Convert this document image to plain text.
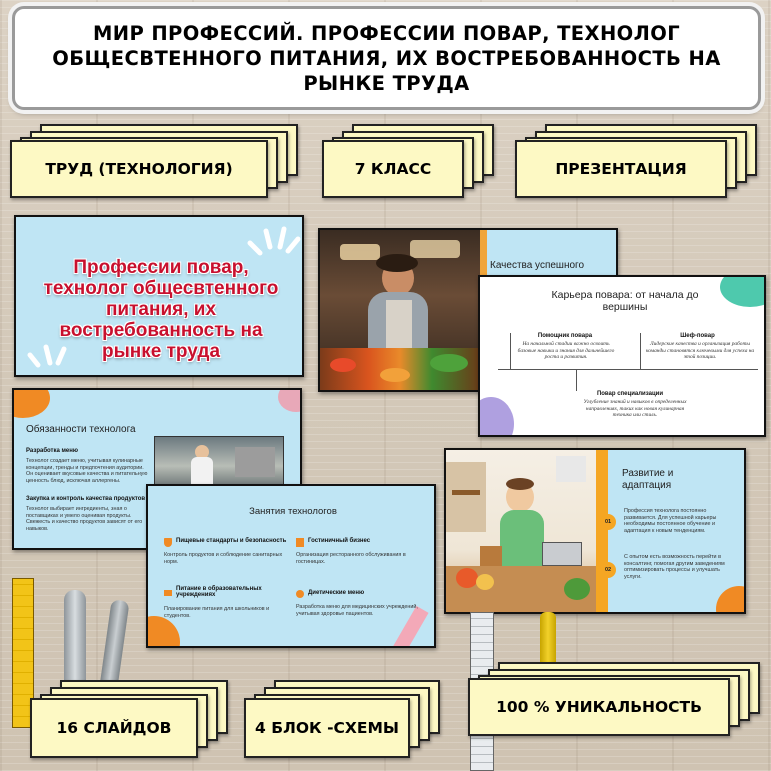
МИР ПРОФЕССИЙ. ПРОФЕССИИ ПОВАР, ТЕХНОЛОГ ОБЩЕСВТЕННОГО ПИТАНИЯ, ИХ ВОСТРЕБОВАННОСТЬ НА РЫНКЕ ТРУДА
ТРУД (ТЕХНОЛОГИЯ)	7 КЛАСС	ПРЕЗЕНТАЦИЯ
Профессии повар, технолог общесвтенного питания, их востребованность на рынке труда
Качества успешного
Карьера повара: от начала до вершины
Помощник повара
На начальной стадии важно освоить базовые навыки и знания для дальнейшего роста и развития.
Шеф-повар
Лидерские качества и организация работы команды становятся ключевыми для успеха на этой позиции.
Повар специализации
Углубление знаний и навыков в определенных направлениях, таких как новая кулинарная техника или стиль.
Обязанности технолога
Разработка меню
Технолог создает меню, учитывая кулинарные концепции, тренды и предпочтения аудитории. Он оценивает вкусовые качества и питательную ценность блюд, исключая аллергены.
Закупка и контроль качества продуктов
Технолог выбирает ингредиенты, зная о поставщиках и умело оценивая продукты. Свежесть и качество продуктов зависят от его навыков.
Занятия технологов
Пищевые стандарты и безопасность
Контроль продуктов и соблюдение санитарных норм.
Гостиничный бизнес
Организация ресторанного обслуживания в гостиницах.
Питание в образовательных учреждениях
Планирование питания для школьников и студентов.
Диетические меню
Разработка меню для медицинских учреждений, учитывая здоровье пациентов.
Развитие и адаптация
01
Профессия технолога постоянно развивается. Для успешной карьеры необходимы постоянное обучение и адаптация к новым тенденциям.
02
С опытом есть возможность перейти в консалтинг, помогая другим заведениям оптимизировать процессы и улучшать услуги.
16 СЛАЙДОВ	4 БЛОК -СХЕМЫ
100 % УНИКАЛЬНОСТЬ
